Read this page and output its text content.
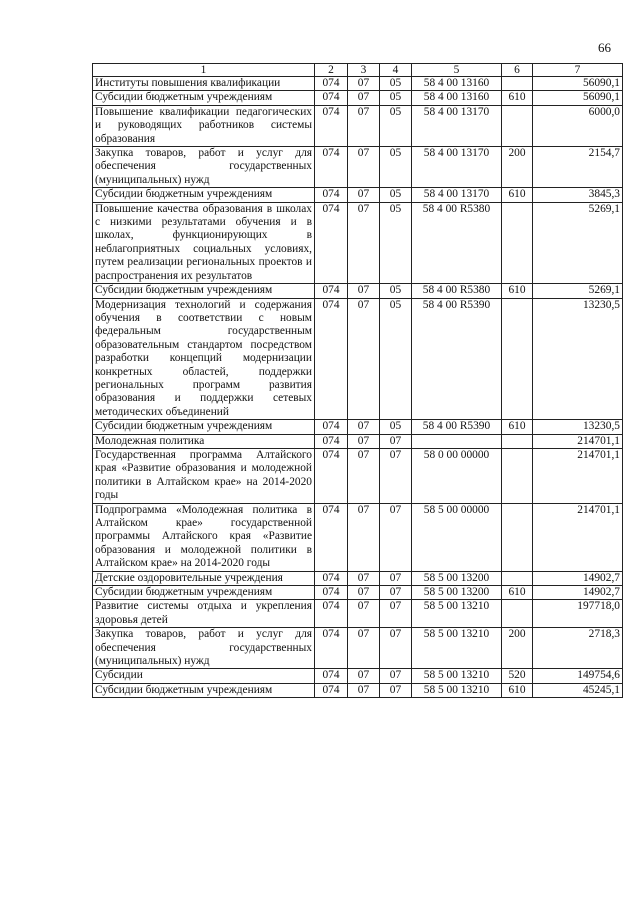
66
1	2	3	4	5	6	7
Институты повышения квалификации	074	07	05	58 4 00 13160		56090,1
Субсидии бюджетным учреждениям	074	07	05	58 4 00 13160	610	56090,1
Повышение квалификации педагогических и руководящих работников системы образования	074	07	05	58 4 00 13170		6000,0
Закупка товаров, работ и услуг для обеспечения государственных (муниципальных) нужд	074	07	05	58 4 00 13170	200	2154,7
Субсидии бюджетным учреждениям	074	07	05	58 4 00 13170	610	3845,3
Повышение качества образования в школах с низкими результатами обучения и в школах, функционирующих в неблагоприятных социальных условиях, путем реализации региональных проектов и распространения их результатов	074	07	05	58 4 00 R5380		5269,1
Субсидии бюджетным учреждениям	074	07	05	58 4 00 R5380	610	5269,1
Модернизация технологий и содержания обучения в соответствии с новым федеральным государственным образовательным стандартом посредством разработки концепций модернизации конкретных областей, поддержки региональных программ развития образования и поддержки сетевых методических объединений	074	07	05	58 4 00 R5390		13230,5
Субсидии бюджетным учреждениям	074	07	05	58 4 00 R5390	610	13230,5
Молодежная политика	074	07	07			214701,1
Государственная программа Алтайского края «Развитие образования и молодежной политики в Алтайском крае» на 2014-2020 годы	074	07	07	58 0 00 00000		214701,1
Подпрограмма «Молодежная политика в Алтайском крае» государственной программы Алтайского края «Развитие образования и молодежной политики в Алтайском крае» на 2014-2020 годы	074	07	07	58 5 00 00000		214701,1
Детские оздоровительные учреждения	074	07	07	58 5 00 13200		14902,7
Субсидии бюджетным учреждениям	074	07	07	58 5 00 13200	610	14902,7
Развитие системы отдыха и укрепления здоровья детей	074	07	07	58 5 00 13210		197718,0
Закупка товаров, работ и услуг для обеспечения государственных (муниципальных) нужд	074	07	07	58 5 00 13210	200	2718,3
Субсидии	074	07	07	58 5 00 13210	520	149754,6
Субсидии бюджетным учреждениям	074	07	07	58 5 00 13210	610	45245,1
